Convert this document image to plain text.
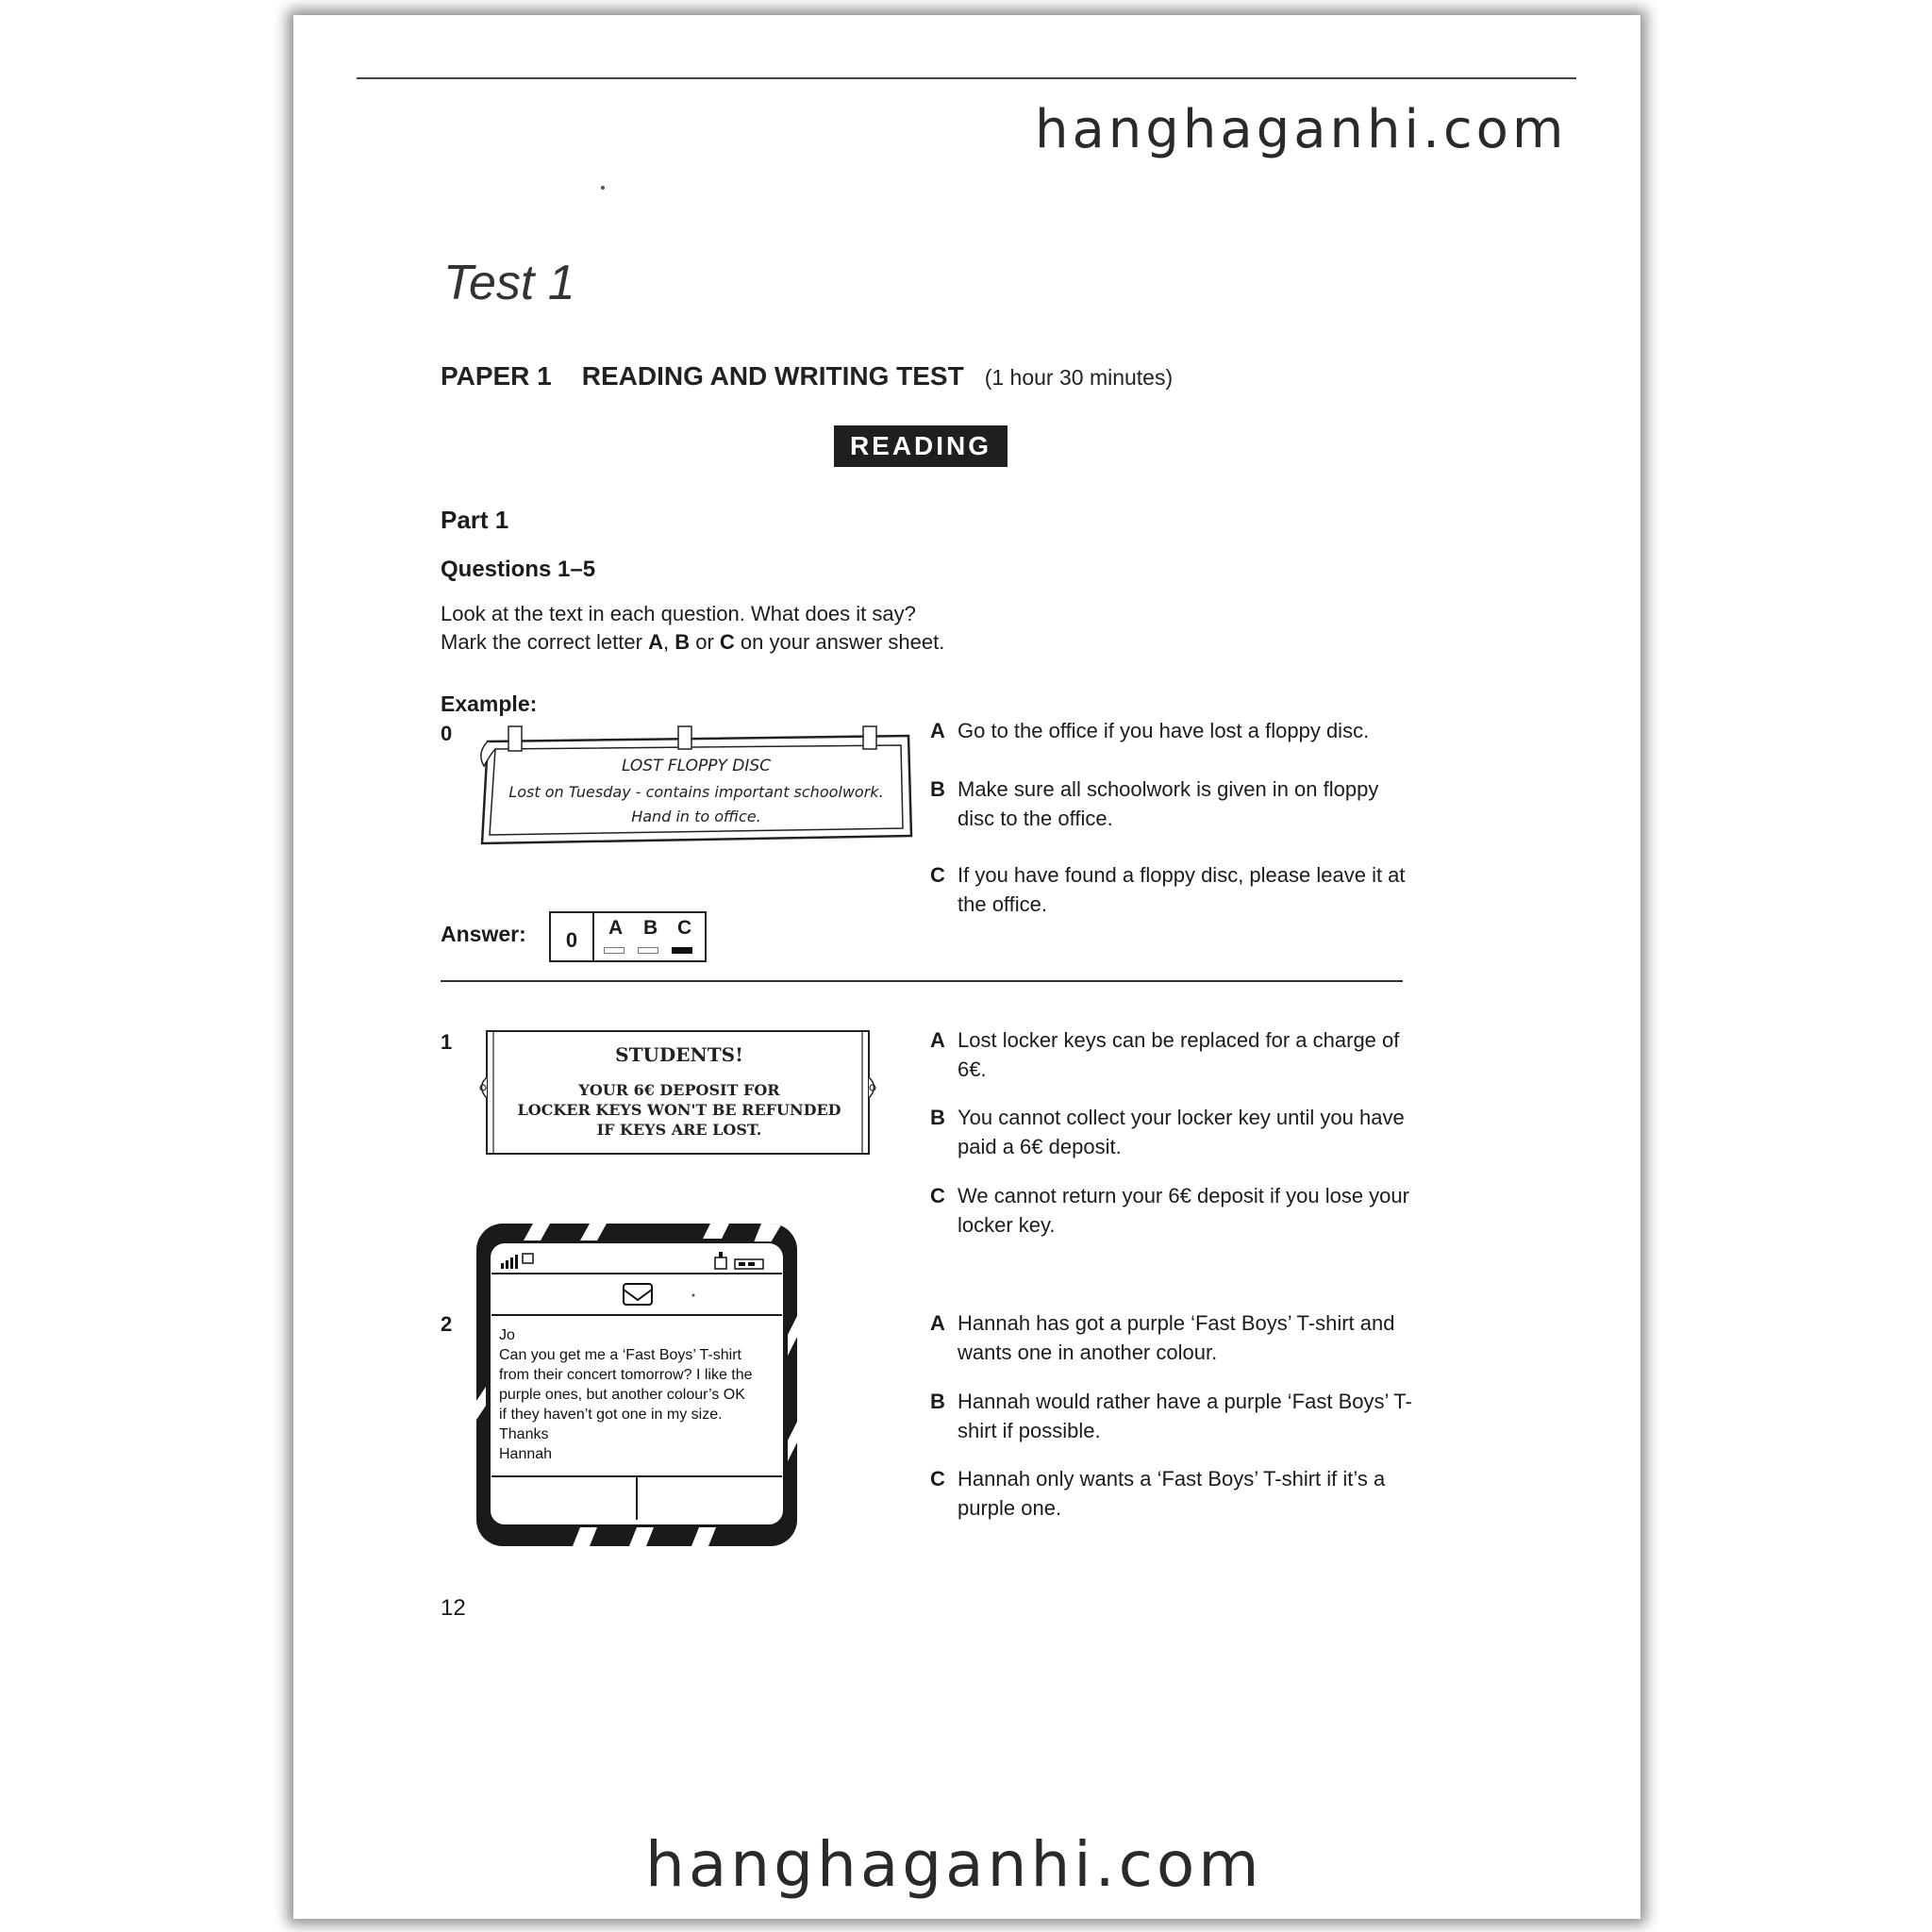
hanghaganhi.com
Test 1
PAPER 1 READING AND WRITING TEST (1 hour 30 minutes)
READING
Part 1
Questions 1–5
Look at the text in each question. What does it say?
Mark the correct letter A, B or C on your answer sheet.
Example:
0
LOST FLOPPY DISC
Lost on Tuesday - contains important schoolwork.
Hand in to office.
A Go to the office if you have lost a floppy disc.
B Make sure all schoolwork is given in on floppy disc to the office.
C If you have found a floppy disc, please leave it at the office.
Answer:	0
A B C
1
STUDENTS!
YOUR 6€ DEPOSIT FOR
LOCKER KEYS WON'T BE REFUNDED
IF KEYS ARE LOST.
A Lost locker keys can be replaced for a charge of 6€.
B You cannot collect your locker key until you have paid a 6€ deposit.
C We cannot return your 6€ deposit if you lose your locker key.
2	Jo
Can you get me a ‘Fast Boys’ T-shirt
from their concert tomorrow? I like the
purple ones, but another colour’s OK
if they haven’t got one in my size.
Thanks
Hannah
A Hannah has got a purple ‘Fast Boys’ T-shirt and wants one in another colour.
B Hannah would rather have a purple ‘Fast Boys’ T-shirt if possible.
C Hannah only wants a ‘Fast Boys’ T-shirt if it’s a purple one.
12
hanghaganhi.com
